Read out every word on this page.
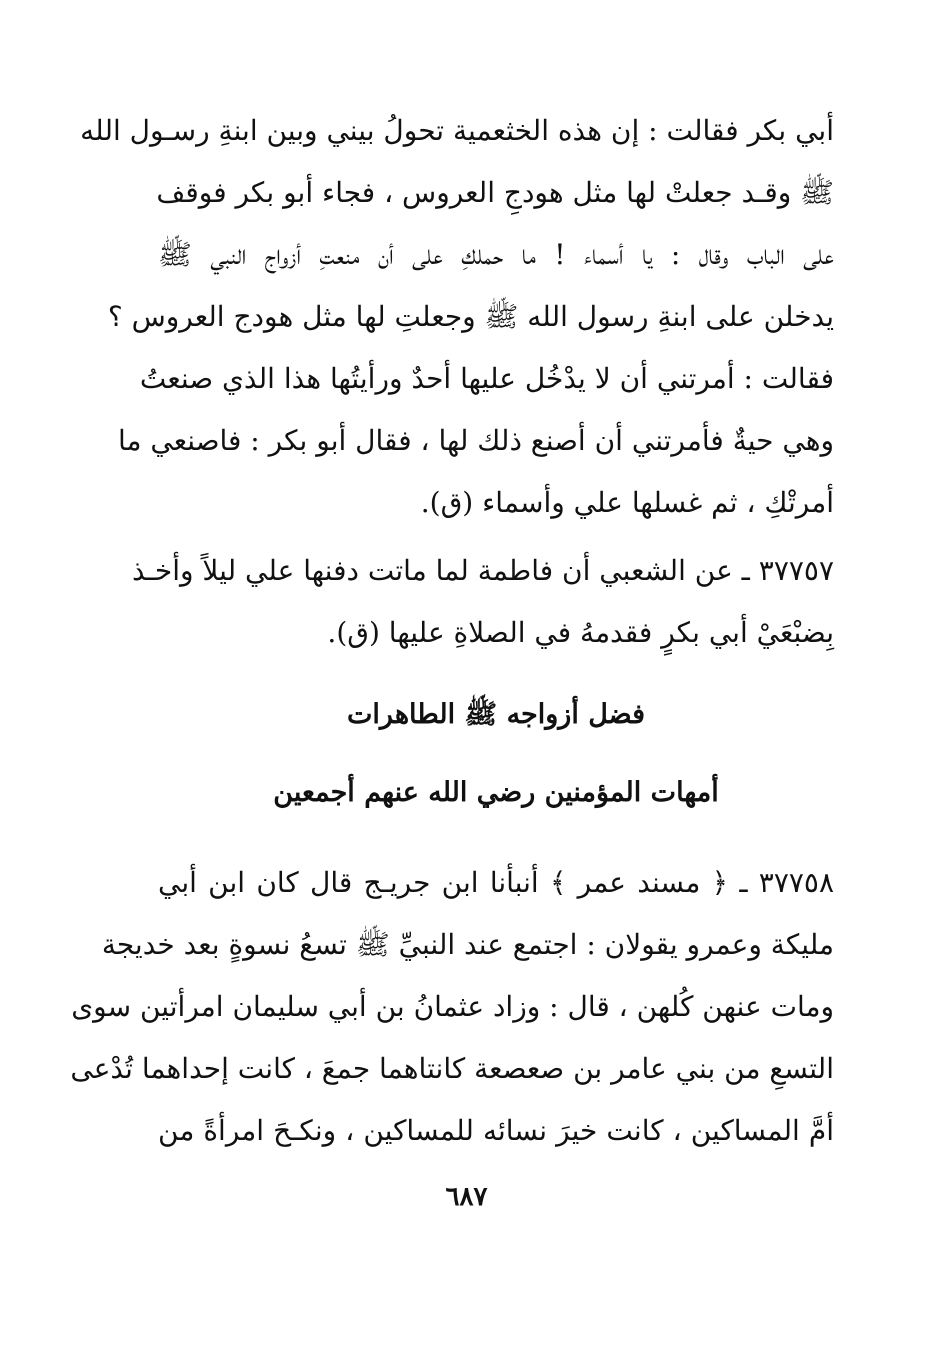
أبي بكر فقالت : إن هذه الخثعمية تحولُ بيني وبين ابنةِ رسـول الله
ﷺ وقـد جعلتْ لها مثل هودجِ العروس ، فجاء أبو بكر فوقف
على الباب وقال : يا أسماء ! ما حملكِ على أن منعتِ أزواج النبي ﷺ
يدخلن على ابنةِ رسول الله ﷺ وجعلتِ لها مثل هودج العروس ؟
فقالت : أمرتني أن لا يدْخُل عليها أحدٌ ورأيتُها هذا الذي صنعتُ
وهي حيةٌ فأمرتني أن أصنع ذلك لها ، فقال أبو بكر : فاصنعي ما
أمرتْكِ ، ثم غسلها علي وأسماء (ق).
٣٧٧٥٧ ـ عن الشعبي أن فاطمة لما ماتت دفنها علي ليلاً وأخـذ
بِضبْعَيْ أبي بكرٍ فقدمهُ في الصلاةِ عليها (ق).
فضل أزواجه ﷺ الطاهرات
أمهات المؤمنين رضي الله عنهم أجمعين
٣٧٧٥٨ ـ ﴿ مسند عمر ﴾ أنبأنا ابن جريـج قال كان ابن أبي
مليكة وعمرو يقولان : اجتمع عند النبيِّ ﷺ تسعُ نسوةٍ بعد خديجة
ومات عنهن كُلهن ، قال : وزاد عثمانُ بن أبي سليمان امرأتين سوى
التسعِ من بني عامر بن صعصعة كانتاهما جمعَ ، كانت إحداهما تُدْعى
أمَّ المساكين ، كانت خيرَ نسائه للمساكين ، ونكـحَ امرأةً من
٦٨٧
